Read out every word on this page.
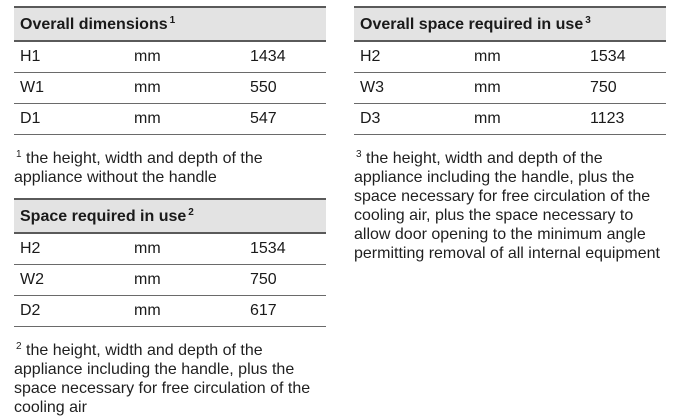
Overall dimensions $^1$
H1	mm	1434
W1	mm	550
D1	mm	547

$^1$ the height, width and depth of the appliance without the handle

Space required in use $^2$
H2	mm	1534
W2	mm	750
D2	mm	617

$^2$ the height, width and depth of the appliance including the handle, plus the space necessary for free circulation of the cooling air

Overall space required in use $^3$
H2	mm	1534
W3	mm	750
D3	mm	1123

$^3$ the height, width and depth of the appliance including the handle, plus the space necessary for free circulation of the cooling air, plus the space necessary to allow door opening to the minimum angle permitting removal of all internal equipment
